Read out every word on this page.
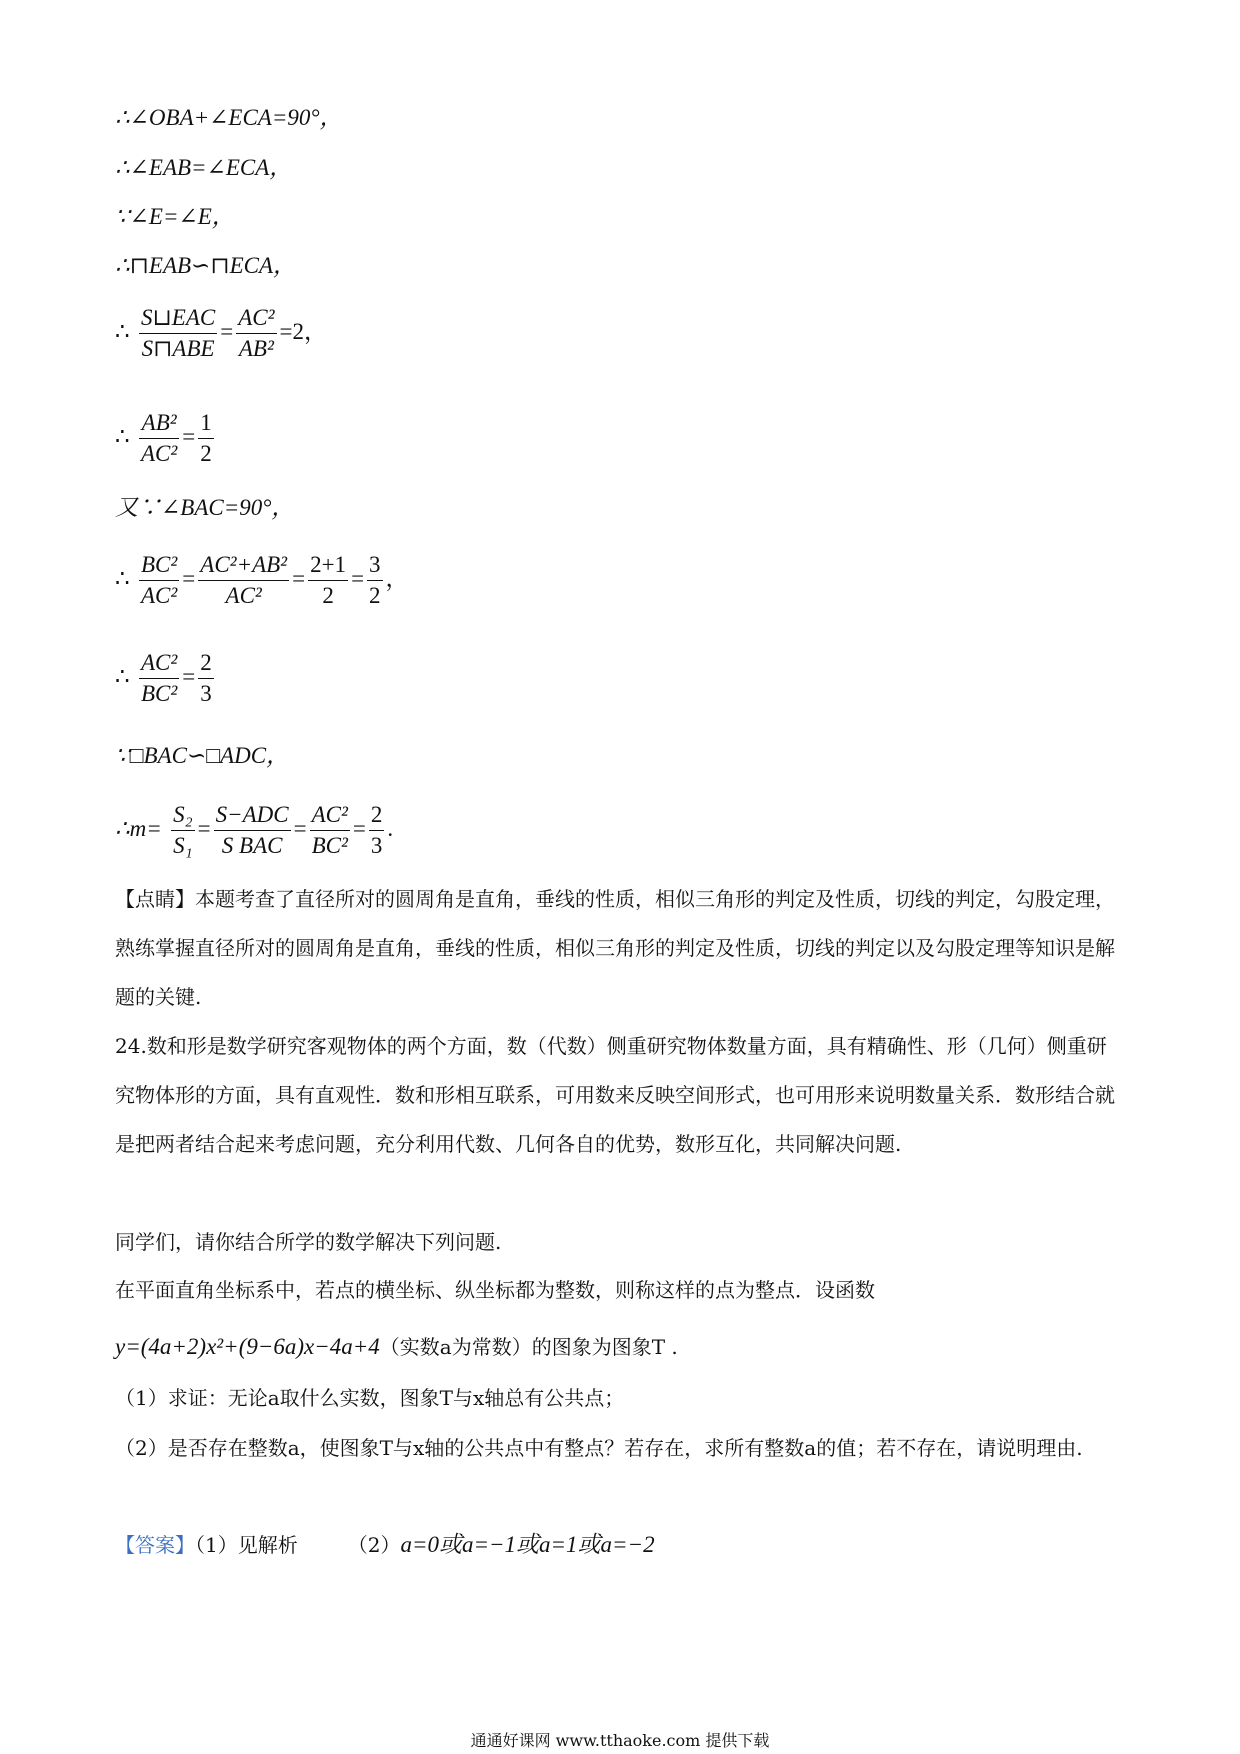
∴∠OBA+∠ECA=90°，
∴∠EAB=∠ECA，
∵∠E=∠E，
∴⊓EAB∽⊓ECA，
∴ $\frac{\text{S⊔EAC}}{\text{S⊓ABE}} = \frac{\text{AC²}}{\text{AB²}} =2$，
∴ $\frac{\text{AB²}}{\text{AC²}} = \frac{1}{2}$
又∵∠BAC=90°，
∴ $\frac{\text{BC²}}{\text{AC²}} = \frac{\text{AC²+AB²}}{\text{AC²}} = \frac{2+1}{2} = \frac{3}{2}$ ，
∴ $\frac{\text{AC²}}{\text{BC²}} = \frac{2}{3}$
∵□BAC∽□ADC，
∴m= $\frac{\text{S₂}}{\text{S₁}} = \frac{\text{S−ADC}}{\text{S BAC}} = \frac{\text{AC²}}{\text{BC²}} = \frac{2}{3}$ .
【点睛】本题考查了直径所对的圆周角是直角，垂线的性质，相似三角形的判定及性质，切线的判定，勾股定理，熟练掌握直径所对的圆周角是直角，垂线的性质，相似三角形的判定及性质，切线的判定以及勾股定理等知识是解题的关键.
24.数和形是数学研究客观物体的两个方面，数（代数）侧重研究物体数量方面，具有精确性、形（几何）侧重研究物体形的方面，具有直观性．数和形相互联系，可用数来反映空间形式，也可用形来说明数量关系．数形结合就是把两者结合起来考虑问题，充分利用代数、几何各自的优势，数形互化，共同解决问题.
同学们，请你结合所学的数学解决下列问题.
在平面直角坐标系中，若点的横坐标、纵坐标都为整数，则称这样的点为整点．设函数
y=(4a+2)x²+(9−6a)x−4a+4（实数a为常数）的图象为图象T .
（1）求证：无论a取什么实数，图象T与x轴总有公共点；
（2）是否存在整数a，使图象T与x轴的公共点中有整点？若存在，求所有整数a的值；若不存在，请说明理由.
【答案】（1）见解析	（2）a=0或a=−1或a=1或a=−2
通通好课网 www.tthaoke.com 提供下载
